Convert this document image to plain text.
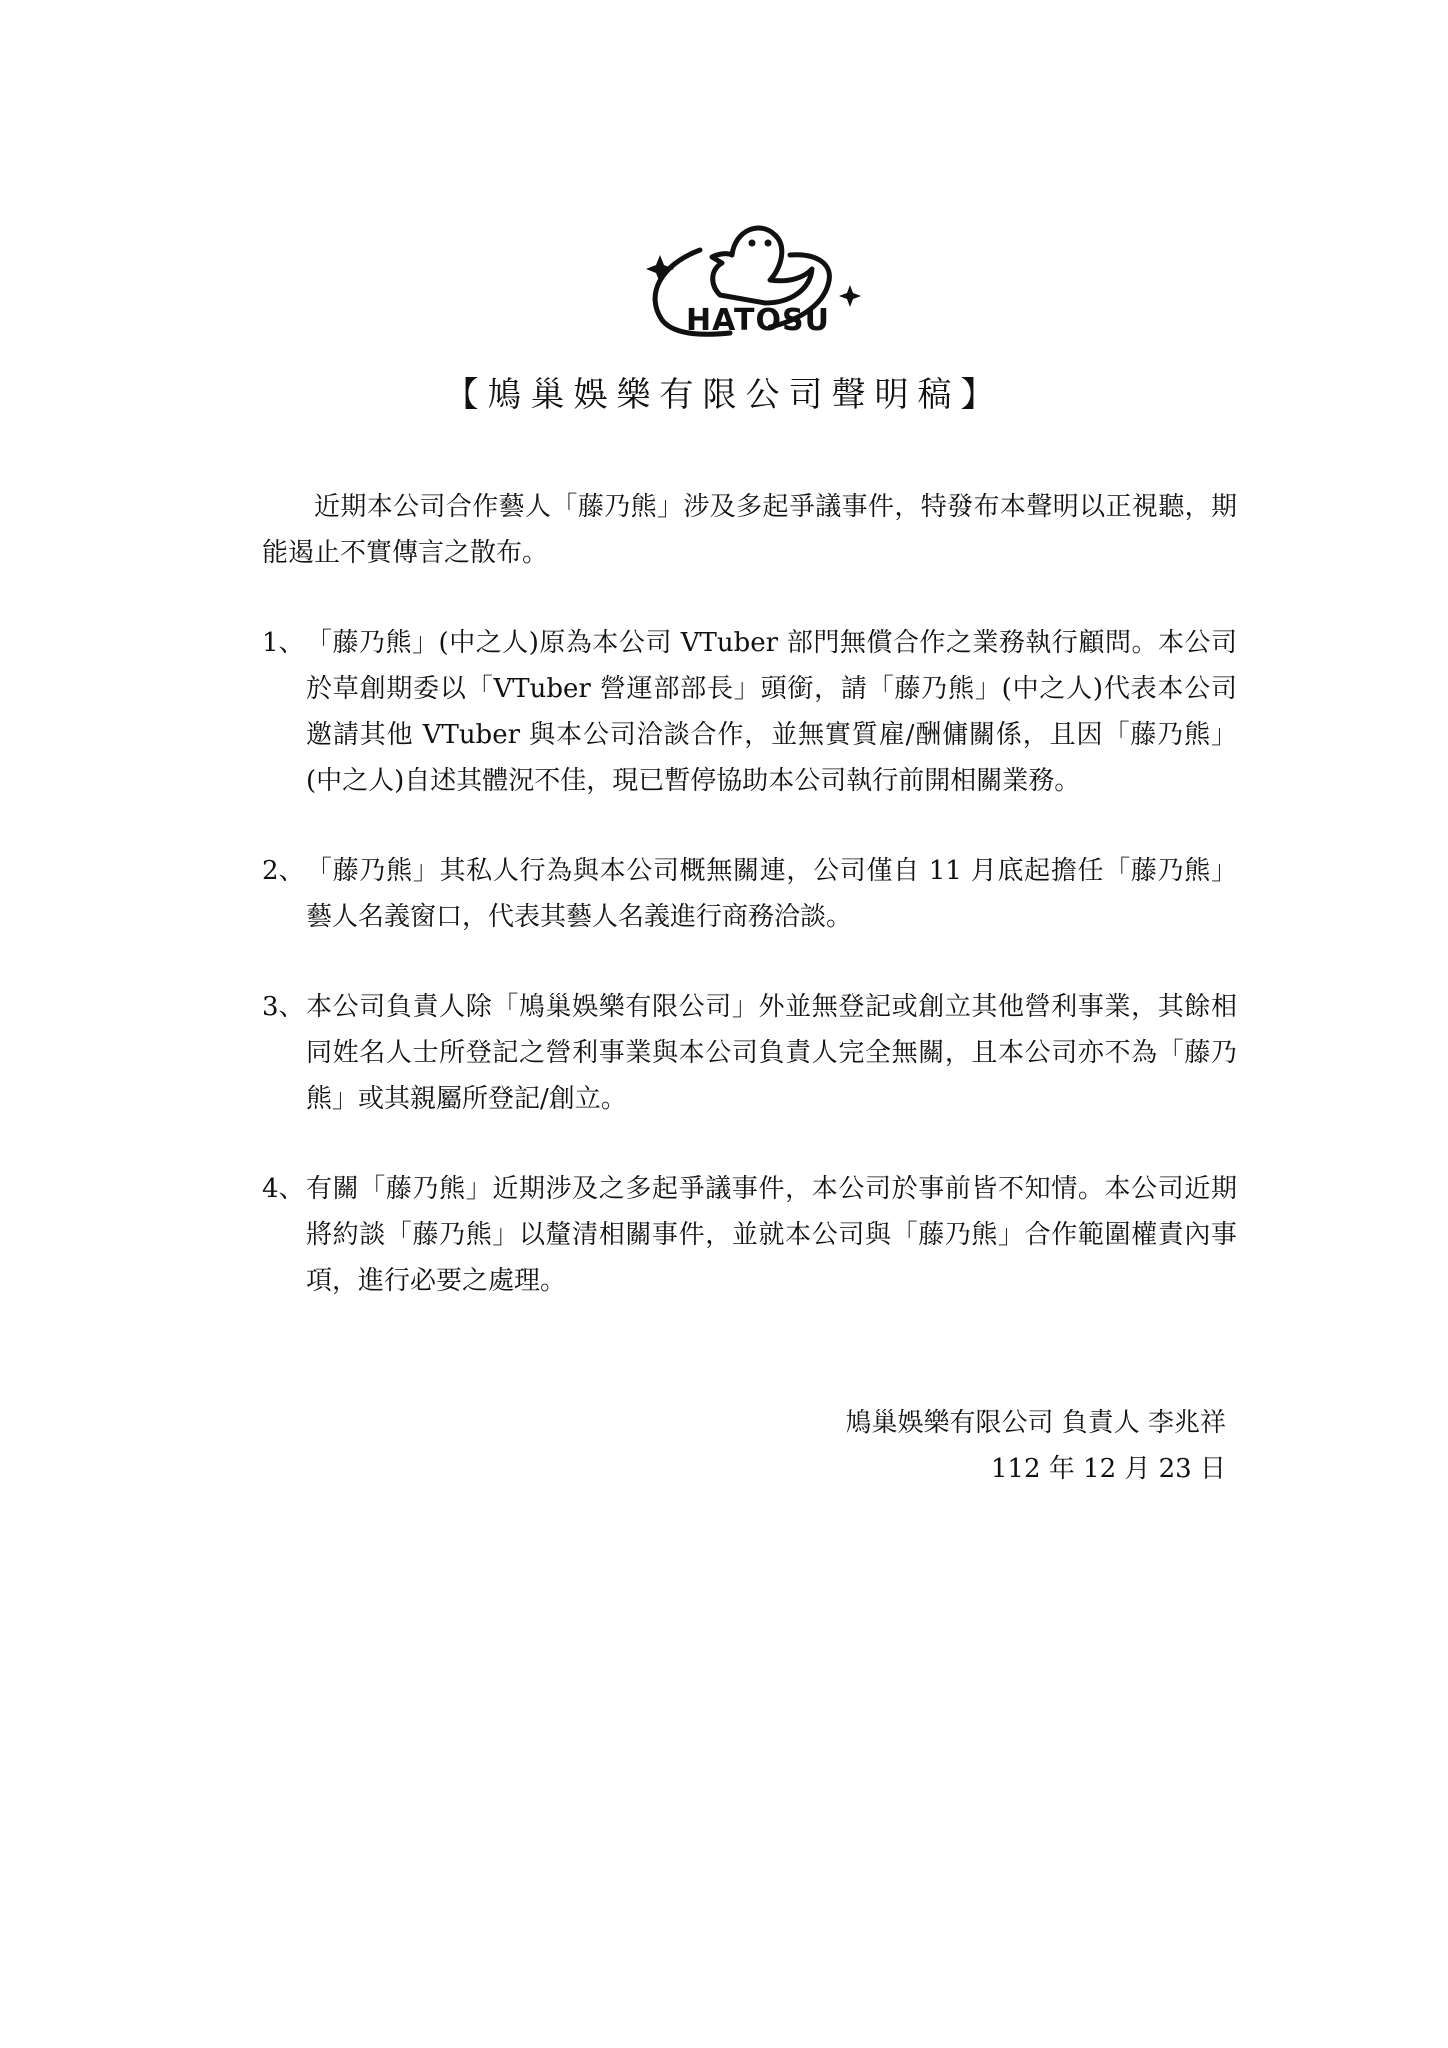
HATOSU
【鳩巢娛樂有限公司聲明稿】

近期本公司合作藝人「藤乃熊」涉及多起爭議事件，特發布本聲明以正視聽，期能遏止不實傳言之散布。

1、 「藤乃熊」(中之人)原為本公司 VTuber 部門無償合作之業務執行顧問。本公司於草創期委以「VTuber 營運部部長」頭銜，請「藤乃熊」(中之人)代表本公司邀請其他 VTuber 與本公司洽談合作，並無實質雇/酬傭關係，且因「藤乃熊」(中之人)自述其體況不佳，現已暫停協助本公司執行前開相關業務。
2、 「藤乃熊」其私人行為與本公司概無關連，公司僅自 11 月底起擔任「藤乃熊」藝人名義窗口，代表其藝人名義進行商務洽談。
3、 本公司負責人除「鳩巢娛樂有限公司」外並無登記或創立其他營利事業，其餘相同姓名人士所登記之營利事業與本公司負責人完全無關，且本公司亦不為「藤乃熊」或其親屬所登記/創立。
4、 有關「藤乃熊」近期涉及之多起爭議事件，本公司於事前皆不知情。本公司近期將約談「藤乃熊」以釐清相關事件，並就本公司與「藤乃熊」合作範圍權責內事項，進行必要之處理。
鳩巢娛樂有限公司 負責人 李兆祥
112 年 12 月 23 日
